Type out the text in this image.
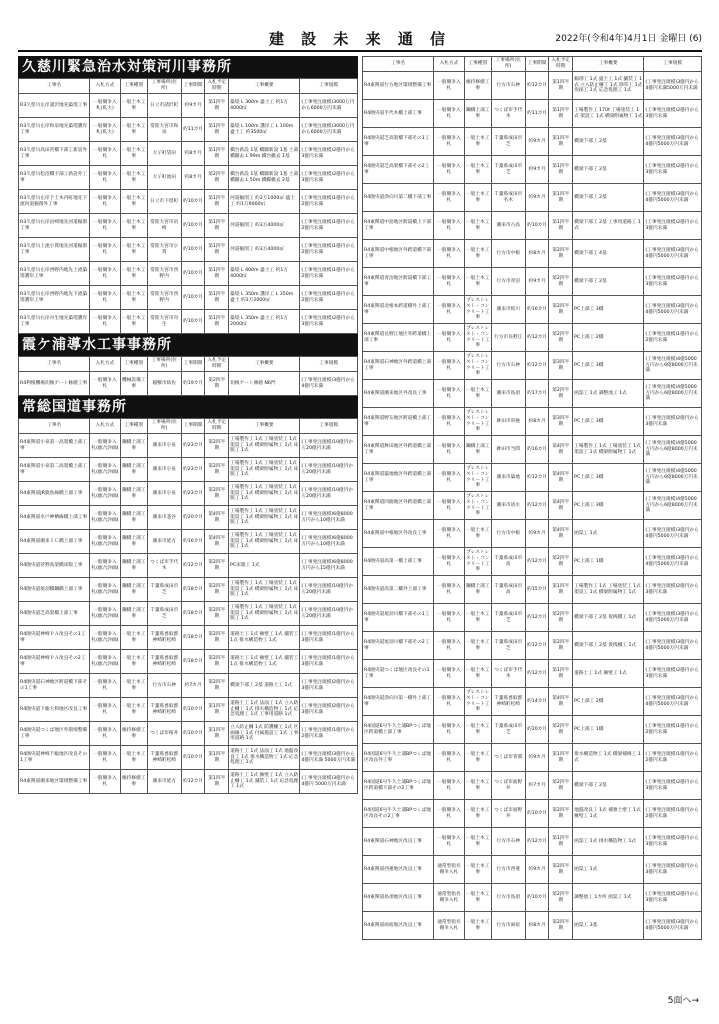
建 設 未 来 通 信	2022年(令和4年)4月1日 金曜日 (6)
久慈川緊急治水対策河川事務所
工事名	入札方式	工事種別	工事場所(住所)	工事期間	入札予定時期	工事概要	工事規模
R3久慈川左岸諸沢地先築堤工事	一般競争入札(拡大)	一般土木工事	日立市諸沢町	約9カ月	第1四半期	築堤 L 300m 盛土工 約1万4000㎥	(工事発注規模)3000万円から6000万円未満
R3久慈川左岸和泉地先築堤護岸工事	一般競争入札(拡大)	一般土木工事	常陸大宮市和泉	約11カ月	第1四半期	築堤 L 100m 護岸工 L 100m 盛土工 約3500㎥	(工事発注規模)3000万円から6000万円未満
R3久慈川高田宮橋下部工新設外工事	一般競争入札	一般土木工事	大子町袋田	約8カ月	第1四半期	橋台新設 1基 橋脚新設 1基 上部橋撤去 L 99m 橋台撤去 1基	(工事発注規模)2億円から3億円未満
R3久慈川松沼橋下部工新設外工事	一般競争入札	一般土木工事	大子町池田	約8カ月	第2四半期	橋台新設 1基 橋脚新設 1基 上部橋撤去 L 50m 橋脚撤去 2基	(工事発注規模)2億円から3億円未満
R3久慈川左岸下土木内町地先下流河道掘削外工事	一般競争入札	一般土木工事	日立市下留町	約10カ月	第1四半期	河道掘削工 約2万1000㎥ 盛土工 約1万9000㎥	(工事発注規模)1億円から2億円未満
R3久慈川右岸岩崎地先河道掘削工事	一般競争入札	一般土木工事	常陸大宮市岩崎	約10カ月	第1四半期	河道掘削工 約3万4000㎥	(工事発注規模)1億円から2億円未満
R3久慈川上流小貫地先河道掘削工事	一般競争入札	一般土木工事	常陸大宮市小貫	約10カ月	第1四半期	河道掘削工 約3万4000㎥	(工事発注規模)1億円から2億円未満
R3久慈川左岸西野内地先上流築堤護岸工事	一般競争入札	一般土木工事	常陸大宮市西野内	約10カ月	第1四半期	築堤 L 400m 盛土工 約1万4000㎥	(工事発注規模)1億円から2億円未満
R3久慈川左岸西野内地先下流築堤護岸工事	一般競争入札	一般土木工事	常陸大宮市西野内	約10カ月	第1四半期	築堤 L 350m 護岸工 L 350m 盛土 約1万2000㎥	(工事発注規模)1億円から2億円未満
R3久慈川右岸舟生地先築堤護岸工事	一般競争入札	一般土木工事	常陸大宮市舟生	約10カ月	第1四半期	築堤 L 350m 盛土工 約1万2000㎥	(工事発注規模)2億円から3億円未満
霞ケ浦導水工事事務所
工事名	入札方式	工事種別	工事場所(住所)	工事期間	入札予定時期	工事概要	工事規模
R4利根機場切換ゲート修繕工事	一般競争入札	機械設備工事	稲敷市結佐	約19カ月	第2四半期	切換ゲート修繕 N6門	(工事発注規模)3億円から4億円未満
常総国道事務所
工事名	入札方式	工事種別	工事場所(住所)	工事期間	入札予定時期	工事概要	工事規模
R4東関道小泉第一高架橋上部工事	一般競争入札(総合評価)	鋼橋上部工事	潮来市小泉	約23カ月	第2四半期	工場製作工 1式 工場塗装工 1式 架設工 1式 橋梁附属物工 1式 床版工 1式	(工事発注規模)10億円から20億円未満
R4東関道小泉第二高架橋上部工事	一般競争入札(総合評価)	鋼橋上部工事	潮来市小泉	約23カ月	第2四半期	工場製作工 1式 工場塗装工 1式 架設工 1式 橋梁附属物工 1式 床版工 1式	(工事発注規模)10億円から20億円未満
R4東関道JR鹿島線橋上部工事	一般競争入札(総合評価)	鋼橋上部工事	潮来市小泉	約23カ月	第2四半期	工場製作工 1式 工場塗装工 1式 架設工 1式 橋梁附属物工 1式 床版工 1式	(工事発注規模)10億円から20億円未満
R4東関道水戸神栖線橋上部工事	一般競争入札(総合評価)	鋼橋上部工事	潮来市釜谷	約20カ月	第4四半期	工場製作工 1式 工場塗装工 1式 架設工 1式 橋梁附属物工 1式 床版工 1式	(工事発注規模)6億8000万円から10億円未満
R4東関道潮来ＩＣ橋上部工事	一般競争入札(総合評価)	鋼橋上部工事	潮来市延方	約16カ月	第4四半期	工場製作工 1式 工場塗装工 1式 架設工 1式 橋梁附属物工 1式 床版工 1式	(工事発注規模)6億8000万円から10億円未満
R4圏央道菅野高架橋床版工事	一般競争入札(総合評価)	鋼橋上部工事	つくば市手代木	約12カ月	第2四半期	PC床版工 1式	(工事発注規模)6億8000万円から15億円未満
R4圏央道尾羽橋鋼橋上部工事	一般競争入札(総合評価)	鋼橋上部工事	千葉県成田市芝	約18カ月	第2四半期	工場製作工 1式 工場塗装工 1式 架設工 1式 橋梁附属物工 1式 床版工 1式	(工事発注規模)10億円から20億円未満
R4圏央道芝高架橋上部工事	一般競争入札(総合評価)	鋼橋上部工事	千葉県成田市芝	約18カ月	第2四半期	工場製作工 1式 工場塗装工 1式 架設工 1式 橋梁附属物工 1式 床版工 1式	(工事発注規模)10億円から20億円未満
R4圏央道神崎ＰＡ改良その1工事	一般競争入札(総合評価)	一般土木工事	千葉県香取郡神崎町松崎	約18カ月	第2四半期	道路土工 1式 擁壁工 1式 舗装工 1式 排水構造物工 1式	(工事発注規模)1億円から3億円未満
R4圏央道神崎ＰＡ改良その2工事	一般競争入札(総合評価)	一般土木工事	千葉県香取郡神崎町松崎	約18カ月	第2四半期	道路土工 1式 擁壁工 1式 舗装工 1式 排水構造物工 1式	(工事発注規模)1億円から3億円未満
R4圏央道石神地区跨道橋下部その1工事	一般競争入札	一般土木工事	行方市石神	約7カ月	第2四半期	橋梁下部工 2基 道路土工 1式	(工事発注規模)2億円から3億円未満
R4圏央道下総大和地区改良工事	一般競争入札	一般土木工事	千葉県香取郡神崎町松崎	約10カ月	第1四半期	道路土工 1式 法面工 1式 立入防止柵工 1式 排水構造物工 1式 応急処理工 1式 工事用道路 1式	(工事発注規模)2億円から3億円未満
R4圏央道つくば地区外環境整備工事	一般競争入札	維持修繕工事	つくば市桜井	約10カ月	第1四半期	立入防止柵 1式 防護柵工 1式 区画線工 1式 付属施設工 1式 工事用道路 1式	(工事発注規模)1億円から2億円未満
R4圏央道神崎下総地区改良その1工事	一般競争入札	一般土木工事	千葉県香取郡神崎町松崎	約10カ月	第1四半期	道路土工 1式 法面工 1式 地盤改良工 1式 排水構造物工 1式 応急処理工 1式	(工事発注規模)3億円から4億円未満 5000万円未満
R4東関道潮来地区環境整備工事	一般競争入札	維持修繕工事	潮来市延方	約12カ月	第1四半期	道路土工 1式 擁壁工 1式 立入防止柵工 1式 舗装工 1式 応急処理工 1式	(工事発注規模)3億円から4億円 5000万円未満
工事名	入札方式	工事種別	工事場所(住所)	工事期間	入札予定時期	工事概要	工事規模
R4東関道行方地区環境整備工事	一般競争入札	維持修繕工事	行方市石神	約12カ月	第1四半期	掘削工 1式 盛土工 1式 舗装工 1式 立入防止柵工 1式 除草工 1式 伐採工 1式 応急処理工 1式	(工事発注規模)3億円から4億円未満5000万円未満
R4圏央道手代木橋上部工事	一般競争入札	鋼橋上部工事	つくば市手代木	約11カ月	第1四半期	工場製作工 170t 工場塗装工 1式 架設工 1式 橋梁附属物工 1式	(工事発注規模)2億円から3億円未満
R4圏央道芝高架橋下部その1工事	一般競争入札	一般土木工事	千葉県成田市芝	約9カ月	第1四半期	橋梁下部工 2基	(工事発注規模)3億円から4億円5000万円未満
R4圏央道芝高架橋下部その2工事	一般競争入札	一般土木工事	千葉県成田市芝	約9カ月	第1四半期	橋梁下部工 2基	(工事発注規模)2億円から3億円未満
R4圏央道浄向川第二橋下部工事	一般競争入札	一般土木工事	千葉県成田市名木	約9カ月	第1四半期	橋梁下部工 2基	(工事発注規模)3億円から4億円5000万円未満
R4東関道中島地区跨道橋上下部工事	一般競争入札	一般土木工事	潮来市古高	約10カ月	第1四半期	橋梁下部工 2基 工事用道路工 1式	(工事発注規模)2億円から3億円未満
R4東関道中根地区外跨道橋下部工事	一般競争入札	一般土木工事	行方市中根	約8カ月	第2四半期	橋梁下部工 4基	(工事発注規模)3億円から4億円5000万円未満
R4東関道青沼地区跨道橋下部工事	一般競争入札	一般土木工事	行方市青沼	約9カ月	第2四半期	橋梁下部工 2基	(工事発注規模)2億円から3億円未満
R4東関道北根本跨道橋外上部工事	一般競争入札	プレストレスト・コンクリート工事	潮来市結川	約16カ月	第2四半期	PC上部工 3橋	(工事発注規模)3億円から4億円5000万円未満
R4東関道長野江地区外跨道橋上部工事	一般競争入札	プレストレスト・コンクリート工事	行方市長野江	約12カ月	第2四半期	PC上部工 2橋	(工事発注規模)1億円から2億円未満
R4東関道石神地区外跨道橋上部工事	一般競争入札	プレストレスト・コンクリート工事	行方市石神	約12カ月	第3四半期	PC上部工 3橋	(工事発注規模)4億5000万円から6億8000万円未満
R4東関道潮来地区外改良工事	一般競争入札	一般土木工事	潮来市島須	約17カ月	第2四半期	函渠工 1式 調整池工 1式	(工事発注規模)4億5000万円から6億8000万円未満
R4東関道野友地区跨道橋上部工事	一般競争入札	プレストレスト・コンクリート工事	鉾田市串挽	約8カ月	第3四半期	PC上部工 3橋	(工事発注規模)2億円から3億円未満
R4東関道鉾田地区外跨道橋上部工事	一般競争入札	鋼橋上部工事	鉾田市当間	約16カ月	第4四半期	工場製作工 1式 工場塗装工 1式 架設工 1式 橋梁附属物工 1式	(工事発注規模)4億5000万円から6億8000万円未満
R4東関道築地地区外跨道橋上部工事	一般競争入札	プレストレスト・コンクリート工事	潮来市築地	約12カ月	第4四半期	PC上部工 3橋	(工事発注規模)4億5000万円から6億8000万円未満
R4東関道四鹿地区外跨道橋上部工事	一般競争入札	プレストレスト・コンクリート工事	潮来市清水	約12カ月	第4四半期	PC上部工 3橋	(工事発注規模)4億5000万円から6億8000万円未満
R4東関道中根地区外改良工事	一般競争入札	一般土木工事	行方市中根	約9カ月	第4四半期	函渠工 1式	(工事発注規模)3億円から4億円5000万円未満
R4圏央道高第一橋上部工事	一般競争入札	プレストレスト・コンクリート工事	千葉県成田市高	約12カ月	第2四半期	PC上部工 1橋	(工事発注規模)3億円から4億円5000万円未満
R4圏央道高第二橋外上部工事	一般競争入札	鋼橋上部工事	千葉県成田市高	約15カ月	第1四半期	工場製作工 1式 工場塗装工 1式 架設工 1式 橋梁附属物工 1式	(工事発注規模)2億円から3億円未満
R4圏央道尾羽川橋下部その1工事	一般競争入札	一般土木工事	千葉県成田市芝	約12カ月	第2四半期	橋梁下部工 2基 仮桟橋工 1式	(工事発注規模)3億円から4億円5000万円未満
R4圏央道尾羽川橋下部その2工事	一般競争入札	一般土木工事	千葉県成田市芝	約12カ月	第2四半期	橋梁下部工 2基 仮桟橋工 1式	(工事発注規模)3億円から4億円5000万円未満
R4圏央道つくば地区改良その1工事	一般競争入札	一般土木工事	つくば市手代木	約12カ月	第1四半期	道路土工 1式 擁壁工 1式	(工事発注規模)2億円から3億円未満
R4圏央道浄向川第一橋外上部工事	一般競争入札	プレストレスト・コンクリート工事	千葉県香取郡神崎町松崎	約14カ月	第4四半期	PC上部工 2橋	(工事発注規模)3億円から4億円5000万円未満
R4国道6号牛久土浦BPつくば地区跨道橋上部工事	一般競争入札	一般土木工事	千葉県成田市芝	約20カ月	第2四半期	PC上部工 1橋	(工事発注規模)1億円から2億円未満
R4国道6号牛久土浦BPつくば地区改良外工事	一般競争入札	一般土木工事	つくば市菅間	約9カ月	第1四半期	排水構造物工 1式 橋梁補修工 1式	(工事発注規模)1億円から2億円未満
R4国道6号牛久土浦BPつくば地区跨道橋下部その2工事	一般競争入札	一般土木工事	つくば市面野井	約7カ月	第2四半期	橋梁下部工 2基	(工事発注規模)2億円から3億円未満
R4国道6号牛久土浦BPつくば地区改良その2工事	一般競争入札	一般土木工事	つくば市面野井	約10カ月	第2四半期	地盤改良工 1式 補強土壁工 1式 擁壁工 1式	(工事発注規模)1億円から2億円未満
R4東関道石神地区改良工事	一般競争入札	一般土木工事	行方市石神	約12カ月	第1四半期	函渠工 1式 排水構造物工 1式	(工事発注規模)2億円から3億円未満
R4東関道西蓮地区改良工事	通常型指名競争入札	一般土木工事	行方市西蓮	約9カ月	第2四半期	函渠工 1式	(工事発注規模)2億円から3億円未満
R4東関道島須地区改良工事	通常型指名競争入札	一般土木工事	行方市島須	約10カ月	第2四半期	調整池工 1カ所 函渠工 1式	(工事発注規模)2億円から3億円未満
R4東関道両宿地区改良工事	通常型指名競争入札	一般土木工事	行方市両宿	約8カ月	第2四半期	函渠工 3基	(工事発注規模)3億円から4億円5000万円未満
5面へ→
